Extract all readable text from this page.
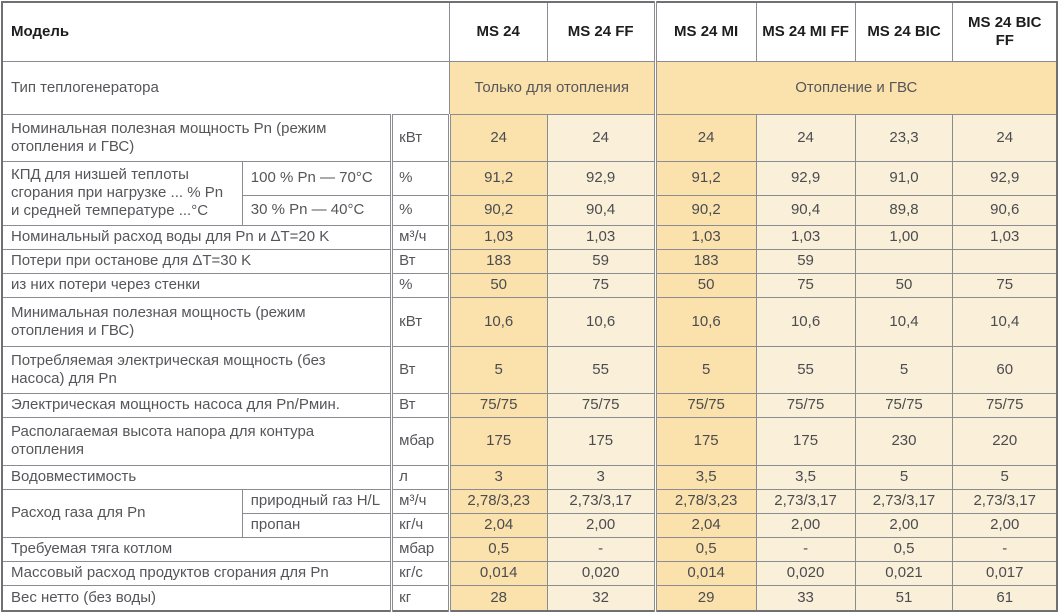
Модель			MS 24	MS 24 FF	MS 24 MI	MS 24 MI FF	MS 24 BIC	MS 24 BIC FF
Тип теплогенератора			Только для отопления		Отопление и ГВС			
Номинальная полезная мощность Pn (режим отопления и ГВС)		кВт	24	24	24	24	23,3	24
КПД для низшей теплоты сгорания при нагрузке ... % Pn и средней температуре ...°C	100 % Pn — 70°C	%	91,2	92,9	91,2	92,9	91,0	92,9
	30 % Pn — 40°C	%	90,2	90,4	90,2	90,4	89,8	90,6
Номинальный расход воды для Pn и ΔT=20 K		м³/ч	1,03	1,03	1,03	1,03	1,00	1,03
Потери при останове для ΔT=30 K		Вт	183	59	183	59		
из них потери через стенки		%	50	75	50	75	50	75
Минимальная полезная мощность (режим отопления и ГВС)		кВт	10,6	10,6	10,6	10,6	10,4	10,4
Потребляемая электрическая мощность (без насоса) для Pn		Вт	5	55	5	55	5	60
Электрическая мощность насоса для Pn/Pмин.		Вт	75/75	75/75	75/75	75/75	75/75	75/75
Располагаемая высота напора для контура отопления		мбар	175	175	175	175	230	220
Водовместимость		л	3	3	3,5	3,5	5	5
Расход газа для Pn	природный газ H/L	м³/ч	2,78/3,23	2,73/3,17	2,78/3,23	2,73/3,17	2,73/3,17	2,73/3,17
	пропан	кг/ч	2,04	2,00	2,04	2,00	2,00	2,00
Требуемая тяга котлом		мбар	0,5	-	0,5	-	0,5	-
Массовый расход продуктов сгорания для Pn		кг/с	0,014	0,020	0,014	0,020	0,021	0,017
Вес нетто (без воды)		кг	28	32	29	33	51	61
